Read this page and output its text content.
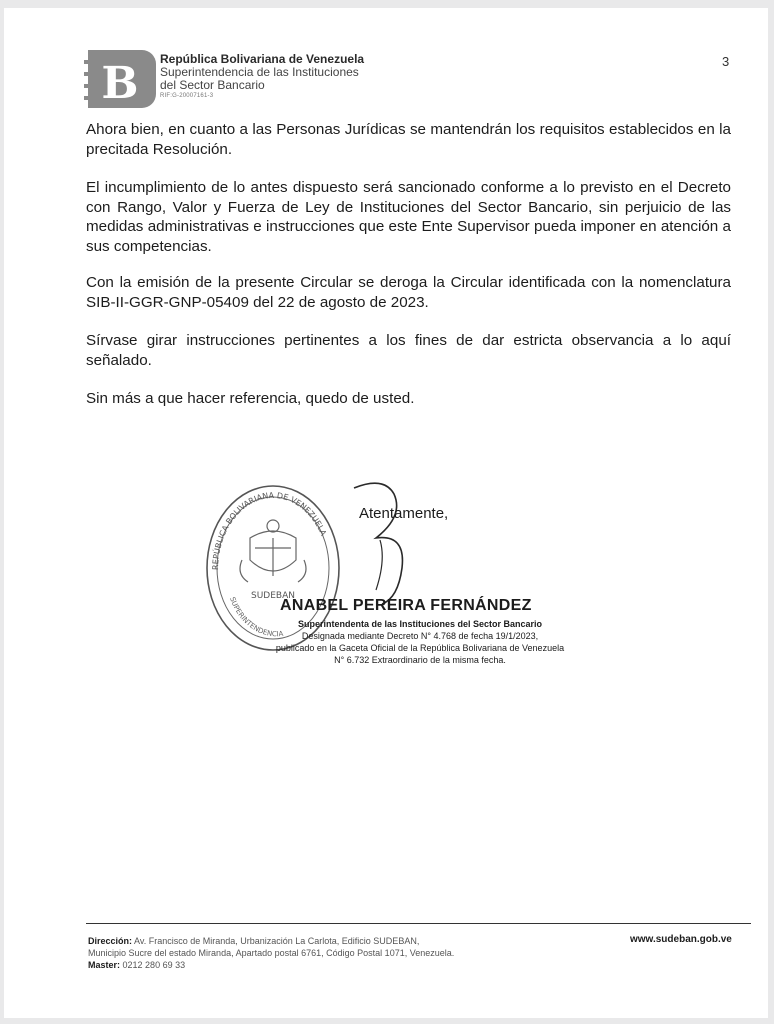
B República Bolivariana de Venezuela
Superintendencia de las Instituciones
del Sector Bancario
RIF:G-20007161-3
3
Ahora bien, en cuanto a las Personas Jurídicas se mantendrán los requisitos establecidos en la precitada Resolución.
El incumplimiento de lo antes dispuesto será sancionado conforme a lo previsto en el Decreto con Rango, Valor y Fuerza de Ley de Instituciones del Sector Bancario, sin perjuicio de las medidas administrativas e instrucciones que este Ente Supervisor pueda imponer en atención a sus competencias.
Con la emisión de la presente Circular se deroga la Circular identificada con la nomenclatura SIB-II-GGR-GNP-05409 del 22 de agosto de 2023.
Sírvase girar instrucciones pertinentes a los fines de dar estricta observancia a lo aquí señalado.
Sin más a que hacer referencia, quedo de usted.
REPÚBLICA BOLIVARIANA DE VENEZUELA
SUDEBAN
SUPERINTENDENCIA
Atentamente,
ANABEL PEREIRA FERNÁNDEZ
Superintendenta de las Instituciones del Sector Bancario
Designada mediante Decreto N° 4.768 de fecha 19/1/2023,
publicado en la Gaceta Oficial de la República Bolivariana de Venezuela
N° 6.732 Extraordinario de la misma fecha.
Dirección: Av. Francisco de Miranda, Urbanización La Carlota, Edificio SUDEBAN,
Municipio Sucre del estado Miranda, Apartado postal 6761, Código Postal 1071, Venezuela.
Master: 0212 280 69 33
www.sudeban.gob.ve
